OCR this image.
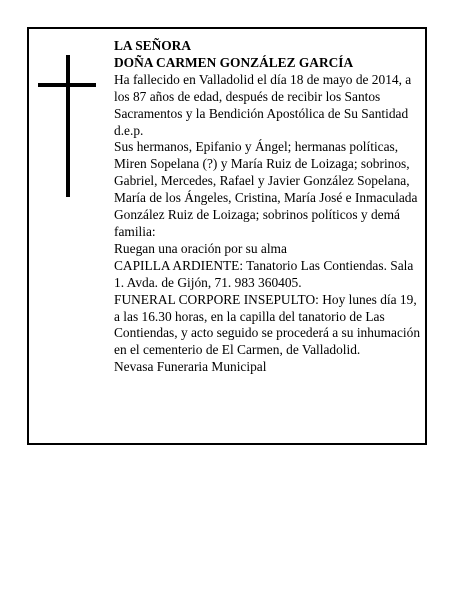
LA SEÑORA

DOÑA CARMEN GONZÁLEZ GARCÍA

Ha fallecido en Valladolid el día 18 de mayo de 2014, a los 87 años de edad, después de recibir los Santos Sacramentos y la Bendición Apostólica de Su Santidad d.e.p.

Sus hermanos, Epifanio y Ángel; hermanas políticas, Miren Sopelana (?) y María Ruiz de Loizaga; sobrinos, Gabriel, Mercedes, Rafael y Javier González Sopelana, María de los Ángeles, Cristina, María José e Inmaculada González Ruiz de Loizaga; sobrinos políticos y demá familia:

Ruegan una oración por su alma

CAPILLA ARDIENTE: Tanatorio Las Contiendas. Sala 1. Avda. de Gijón, 71. 983 360405.

FUNERAL CORPORE INSEPULTO: Hoy lunes día 19, a las 16.30 horas, en la capilla del tanatorio de Las Contiendas, y acto seguido se procederá a su inhumación en el cementerio de El Carmen, de Valladolid.

Nevasa Funeraria Municipal
